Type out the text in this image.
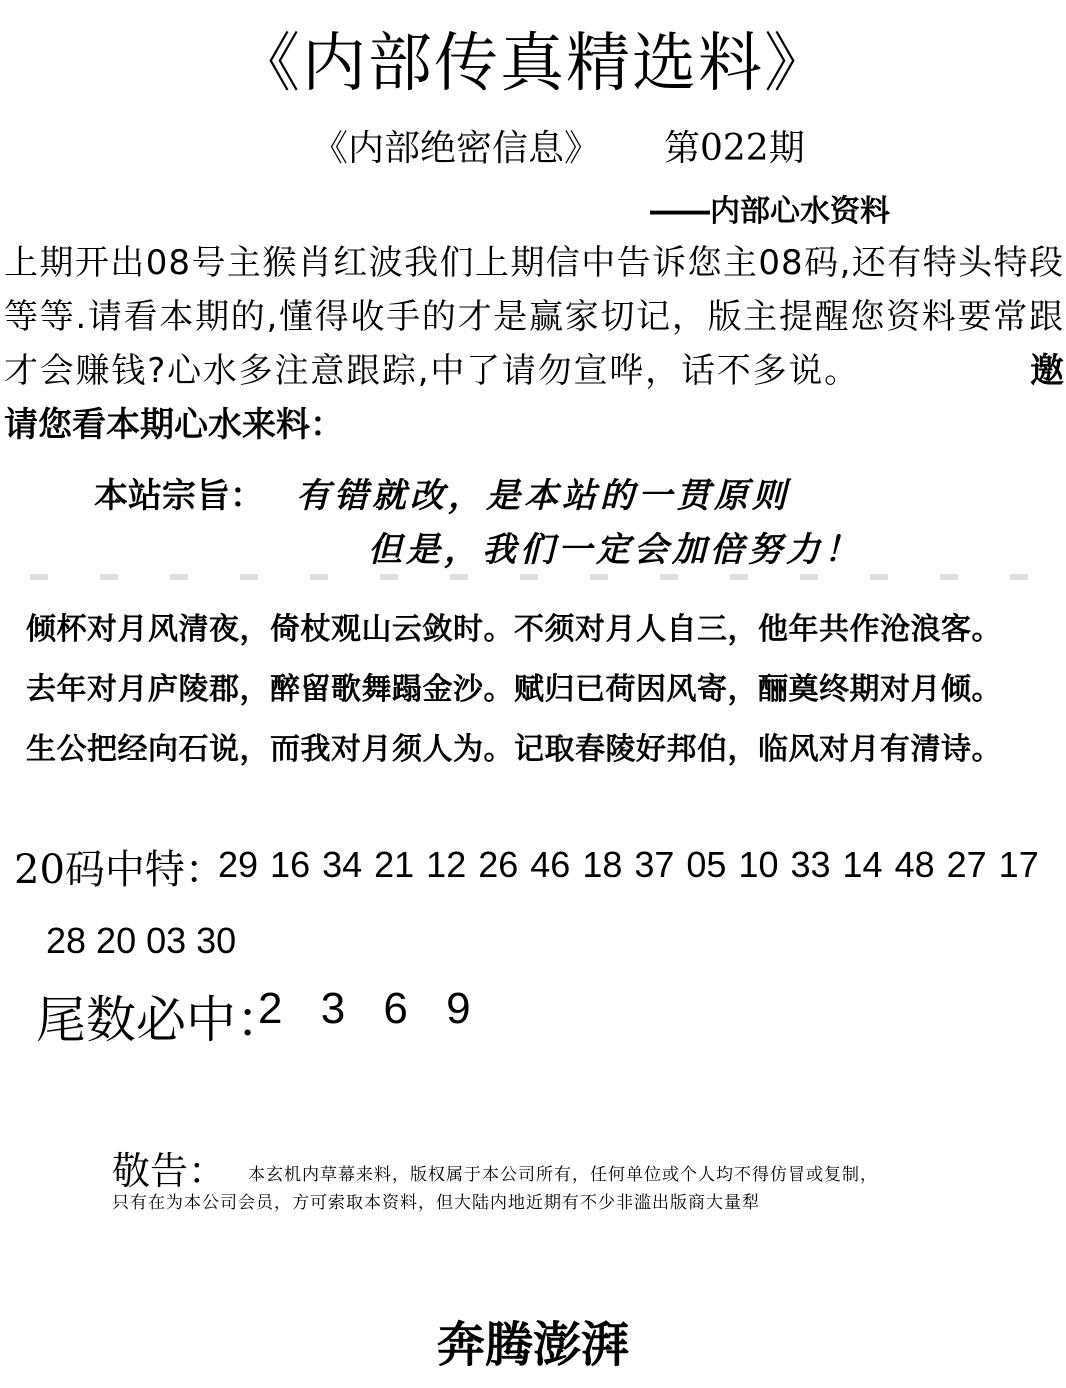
《内部传真精选料》
《内部绝密信息》 第022期
――内部心水资料
上期开出08号主猴肖红波我们上期信中告诉您主08码,还有特头特段等等.请看本期的,懂得收手的才是赢家切记，版主提醒您资料要常跟才会赚钱?心水多注意跟踪,中了请勿宣哗，话不多说。	邀请您看本期心水来料：
本站宗旨： 有错就改，是本站的一贯原则
但是，我们一定会加倍努力！
倾杯对月风清夜，倚杖观山云敛时。不须对月人自三，他年共作沧浪客。
去年对月庐陵郡，醉留歌舞蹋金沙。赋归已荷因风寄，酾奠终期对月倾。
生公把经向石说，而我对月须人为。记取春陵好邦伯，临风对月有清诗。
20码中特：
29 16 34 21 12 26 46 18 37 05 10 33 14 48 27 17
28 20 03 30
尾数必中：
2 3 6 9
敬告： 本玄机内草幕来料，版权属于本公司所有，任何单位或个人均不得仿冒或复制，
只有在为本公司会员，方可索取本资料，但大陆内地近期有不少非滥出版商大量犁
奔腾澎湃
